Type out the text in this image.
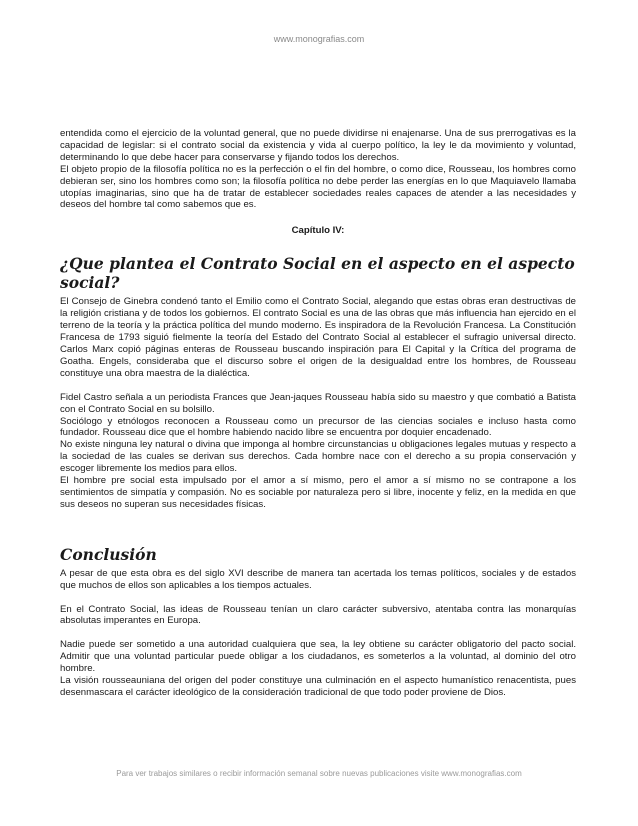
www.monografias.com

entendida como el ejercicio de la voluntad general, que no puede dividirse ni enajenarse. Una de sus prerrogativas es la capacidad de legislar: si el contrato social da existencia y vida al cuerpo político, la ley le da movimiento y voluntad, determinando lo que debe hacer para conservarse y fijando todos los derechos.
El objeto propio de la filosofía política no es la perfección o el fin del hombre, o como dice, Rousseau, los hombres como debieran ser, sino los hombres como son; la filosofía política no debe perder las energías en lo que Maquiavelo llamaba utopías imaginarias, sino que ha de tratar de establecer sociedades reales capaces de atender a las necesidades y deseos del hombre tal como sabemos que es.

Capítulo IV:
¿Que plantea el Contrato Social en el aspecto en el aspecto social?

El Consejo de Ginebra condenó tanto el Emilio como el Contrato Social, alegando que estas obras eran destructivas de la religión cristiana y de todos los gobiernos. El contrato Social es una de las obras que más influencia han ejercido en el terreno de la teoría y la práctica política del mundo moderno. Es inspiradora de la Revolución Francesa. La Constitución Francesa de 1793 siguió fielmente la teoría del Estado del Contrato Social al establecer el sufragio universal directo. Carlos Marx copió páginas enteras de Rousseau buscando inspiración para El Capital y la Crítica del programa de Goatha. Engels, consideraba que el discurso sobre el origen de la desigualdad entre los hombres, de Rousseau constituye una obra maestra de la dialéctica.

Fidel Castro señala a un periodista Frances que Jean-jaques Rousseau había sido su maestro y que combatió a Batista con el Contrato Social en su bolsillo.
Sociólogo y etnólogos reconocen a Rousseau como un precursor de las ciencias sociales e incluso hasta como fundador. Rousseau dice que el hombre habiendo nacido libre se encuentra por doquier encadenado.
No existe ninguna ley natural o divina que imponga al hombre circunstancias u obligaciones legales mutuas y respecto a la sociedad de las cuales se derivan sus derechos. Cada hombre nace con el derecho a su propia conservación y escoger libremente los medios para ellos.
El hombre pre social esta impulsado por el amor a sí mismo, pero el amor a sí mismo no se contrapone a los sentimientos de simpatía y compasión. No es sociable por naturaleza pero si libre, inocente y feliz, en la medida en que sus deseos no superan sus necesidades físicas.

Conclusión

A pesar de que esta obra es del siglo XVI describe de manera tan acertada los temas políticos, sociales y de estados que muchos de ellos son aplicables a los tiempos actuales.

En el Contrato Social, las ideas de Rousseau tenían un claro carácter subversivo, atentaba contra las monarquías absolutas imperantes en Europa.

Nadie puede ser sometido a una autoridad cualquiera que sea, la ley obtiene su carácter obligatorio del pacto social. Admitir que una voluntad particular puede obligar a los ciudadanos, es someterlos a la voluntad, al dominio del otro hombre.
La visión rousseauniana del origen del poder constituye una culminación en el aspecto humanístico renacentista, pues desenmascara el carácter ideológico de la consideración tradicional de que todo poder proviene de Dios.

Para ver trabajos similares o recibir información semanal sobre nuevas publicaciones visite www.monografias.com
